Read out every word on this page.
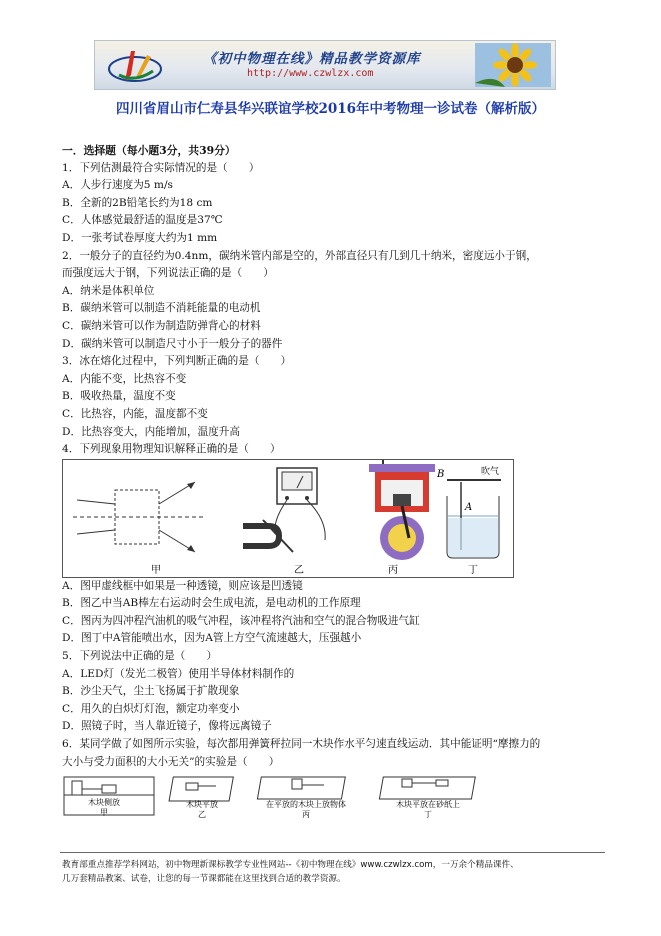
《初中物理在线》精品教学资源库
http://www.czwlzx.com
四川省眉山市仁寿县华兴联谊学校2016年中考物理一诊试卷（解析版）
一．选择题（每小题3分，共39分）
1．下列估测最符合实际情况的是（　　）
A．人步行速度为5 m/s
B．全新的2B铅笔长约为18 cm
C．人体感觉最舒适的温度是37℃
D．一张考试卷厚度大约为1 mm
2．一般分子的直径约为0.4nm，碳纳米管内部是空的，外部直径只有几到几十纳米，密度远小于钢，
而强度远大于钢，下列说法正确的是（　　）
A．纳米是体积单位
B．碳纳米管可以制造不消耗能量的电动机
C．碳纳米管可以作为制造防弹背心的材料
D．碳纳米管可以制造尺寸小于一般分子的器件
3．冰在熔化过程中，下列判断正确的是（　　）
A．内能不变，比热容不变
B．吸收热量，温度不变
C．比热容，内能，温度都不变
D．比热容变大，内能增加，温度升高
4．下列现象用物理知识解释正确的是（　　）
甲	乙	丙	丁
B
A
吹气
A．图甲虚线框中如果是一种透镜，则应该是凹透镜
B．图乙中当AB棒左右运动时会生成电流，是电动机的工作原理
C．图丙为四冲程汽油机的吸气冲程，该冲程将汽油和空气的混合物吸进气缸
D．图丁中A管能喷出水，因为A管上方空气流速越大，压强越小
5．下列说法中正确的是（　　）
A．LED灯（发光二极管）使用半导体材料制作的
B．沙尘天气，尘土飞扬属于扩散现象
C．用久的白炽灯灯泡，额定功率变小
D．照镜子时，当人靠近镜子，像将远离镜子
6．某同学做了如图所示实验，每次都用弹簧秤拉同一木块作水平匀速直线运动．其中能证明“摩擦力的
大小与受力面积的大小无关”的实验是（　　）
木块侧放
甲
木块平放
乙
在平放的木块上放物体
丙
木块平放在砂纸上
丁
教育部重点推荐学科网站，初中物理新课标教学专业性网站--《初中物理在线》www.czwlzx.com，一万余个精品课件、
几万套精品教案、试卷，让您的每一节课都能在这里找到合适的教学资源。
